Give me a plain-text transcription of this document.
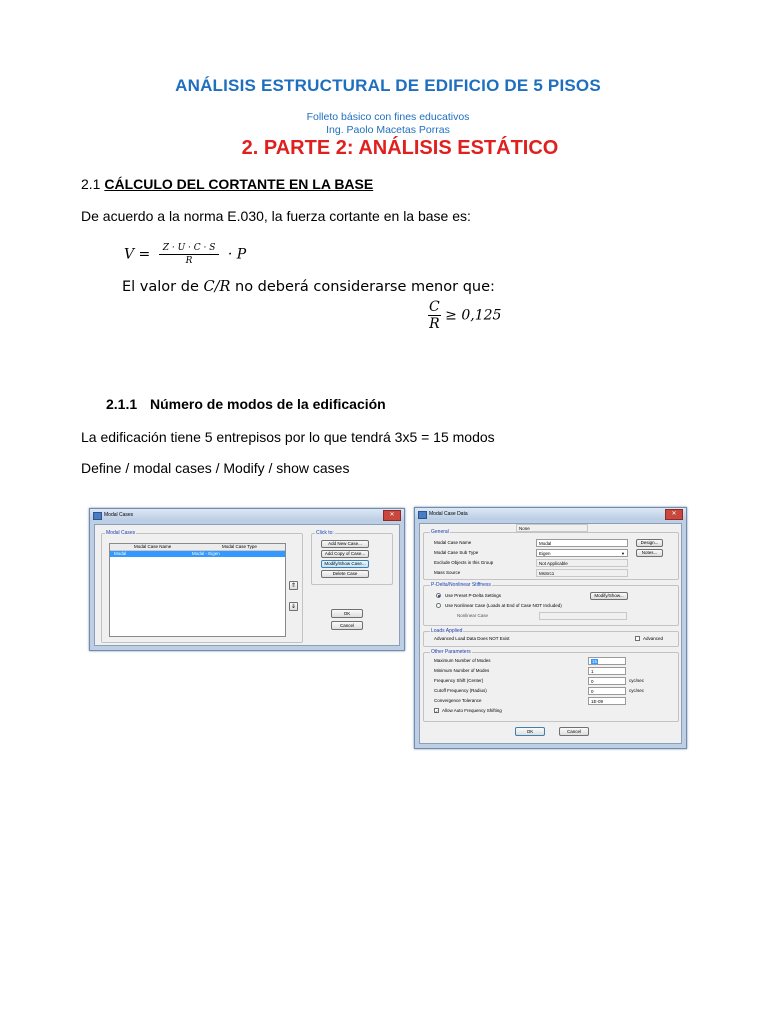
ANÁLISIS ESTRUCTURAL DE EDIFICIO DE 5 PISOS
Folleto básico con fines educativos
Ing. Paolo Macetas Porras
2. PARTE 2: ANÁLISIS ESTÁTICO
2.1 CÁLCULO DEL CORTANTE EN LA BASE
De acuerdo a la norma E.030, la fuerza cortante en la base es:
$V = \frac{Z \cdot U \cdot C \cdot S}{R} \cdot P$
El valor de C/R no deberá considerarse menor que:
$\frac{C}{R} \ge 0,125$
2.1.1 Número de modos de la edificación
La edificación tiene 5 entrepisos por lo que tendrá 3x5 = 15 modos
Define / modal cases / Modify / show cases
Modal Cases	✕
Modal Cases
Modal Case Name	Modal Case Type
Modal	Modal - Eigen
⇑
⇓
Click to:
Add New Case...
Add Copy of Case...
Modify/Show Case...
Delete Case
OK
Cancel
Modal Case Data	✕
General
Modal Case Name	Modal	Design...
Modal Case Sub Type	Eigen	▼	Notes...
Exclude Objects in this Group	Not Applicable
Mass Source	MsSrc1
P-Delta/Nonlinear Stiffness
Use Preset P-Delta Settings
None
Modify/Show...
Use Nonlinear Case (Loads at End of Case NOT Included)
Nonlinear Case
Loads Applied
Advanced Load Data Does NOT Exist	Advanced
Other Parameters
Maximum Number of Modes	15
Minimum Number of Modes	1
Frequency Shift (Center)	0	cyc/sec
Cutoff Frequency (Radius)	0	cyc/sec
Convergence Tolerance	1E-09
✓ Allow Auto Frequency Shifting
OK	Cancel
